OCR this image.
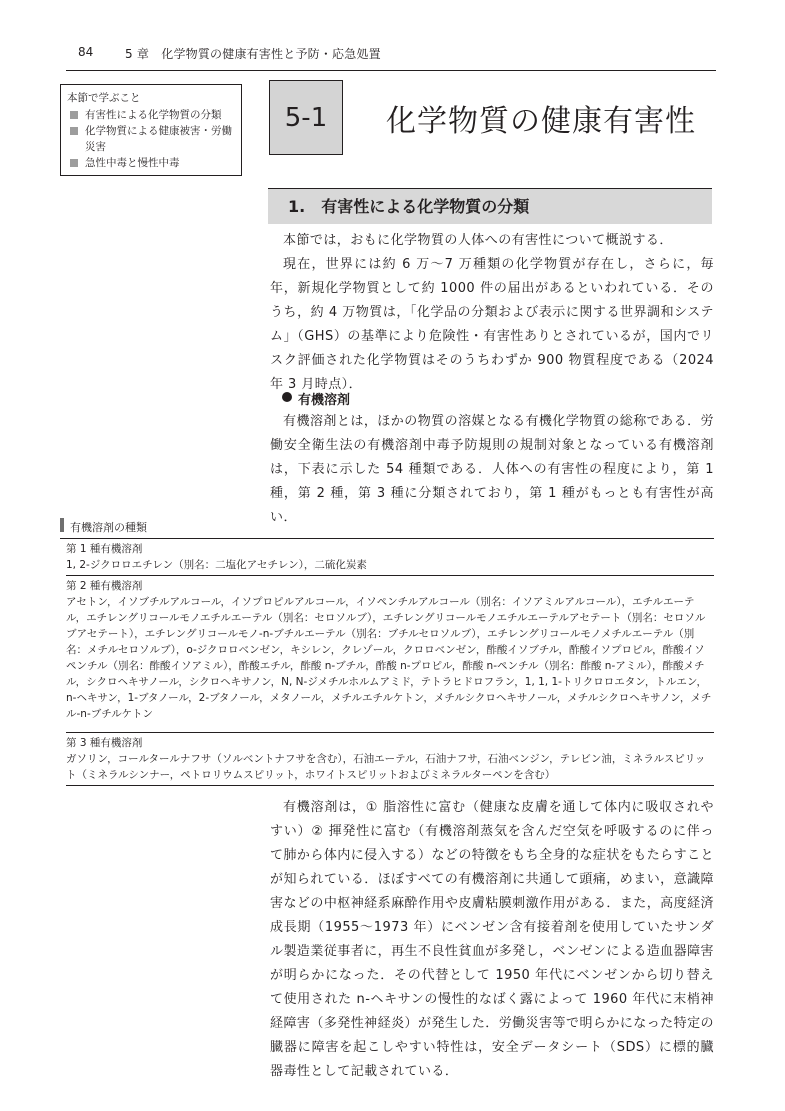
84	5 章　化学物質の健康有害性と予防・応急処置
本節で学ぶこと
有害性による化学物質の分類
化学物質による健康被害・労働災害
急性中毒と慢性中毒
5-1 化学物質の健康有害性
1.　有害性による化学物質の分類
本節では，おもに化学物質の人体への有害性について概説する．
現在，世界には約 6 万～7 万種類の化学物質が存在し，さらに，毎年，新規化学物質として約 1000 件の届出があるといわれている．そのうち，約 4 万物質は，「化学品の分類および表示に関する世界調和システム」（GHS）の基準により危険性・有害性ありとされているが，国内でリスク評価された化学物質はそのうちわずか 900 物質程度である（2024 年 3 月時点）．
有機溶剤
有機溶剤とは，ほかの物質の溶媒となる有機化学物質の総称である．労働安全衛生法の有機溶剤中毒予防規則の規制対象となっている有機溶剤は，下表に示した 54 種類である．人体への有害性の程度により，第 1 種，第 2 種，第 3 種に分類されており，第 1 種がもっとも有害性が高い．
有機溶剤の種類
第 1 種有機溶剤
1, 2-ジクロロエチレン（別名：二塩化アセチレン），二硫化炭素
第 2 種有機溶剤
アセトン，イソブチルアルコール，イソプロピルアルコール，イソペンチルアルコール（別名：イソアミルアルコール），エチルエーテル，エチレングリコールモノエチルエーテル（別名：セロソルブ），エチレングリコールモノエチルエーテルアセテート（別名：セロソルブアセテート），エチレングリコールモノ-n-ブチルエーテル（別名：ブチルセロソルブ），エチレングリコールモノメチルエーテル（別名：メチルセロソルブ），o-ジクロロベンゼン，キシレン，クレゾール，クロロベンゼン，酢酸イソブチル，酢酸イソプロピル，酢酸イソペンチル（別名：酢酸イソアミル），酢酸エチル，酢酸 n-ブチル，酢酸 n-プロピル，酢酸 n-ペンチル（別名：酢酸 n-アミル），酢酸メチル，シクロヘキサノール，シクロヘキサノン，N, N-ジメチルホルムアミド，テトラヒドロフラン，1, 1, 1-トリクロロエタン，トルエン，n-ヘキサン，1-ブタノール，2-ブタノール，メタノール，メチルエチルケトン，メチルシクロヘキサノール，メチルシクロヘキサノン，メチル-n-ブチルケトン
第 3 種有機溶剤
ガソリン，コールタールナフサ（ソルベントナフサを含む），石油エーテル，石油ナフサ，石油ベンジン，テレビン油，ミネラルスピリット（ミネラルシンナー，ペトロリウムスピリット，ホワイトスピリットおよびミネラルターペンを含む）
有機溶剤は，① 脂溶性に富む（健康な皮膚を通して体内に吸収されやすい）② 揮発性に富む（有機溶剤蒸気を含んだ空気を呼吸するのに伴って肺から体内に侵入する）などの特徴をもち全身的な症状をもたらすことが知られている．ほぼすべての有機溶剤に共通して頭痛，めまい，意識障害などの中枢神経系麻酔作用や皮膚粘膜刺激作用がある．また，高度経済成長期（1955～1973 年）にベンゼン含有接着剤を使用していたサンダル製造業従事者に，再生不良性貧血が多発し，ベンゼンによる造血器障害が明らかになった．その代替として 1950 年代にベンゼンから切り替えて使用された n-ヘキサンの慢性的なばく露によって 1960 年代に末梢神経障害（多発性神経炎）が発生した．労働災害等で明らかになった特定の臓器に障害を起こしやすい特性は，安全データシート（SDS）に標的臓器毒性として記載されている．
